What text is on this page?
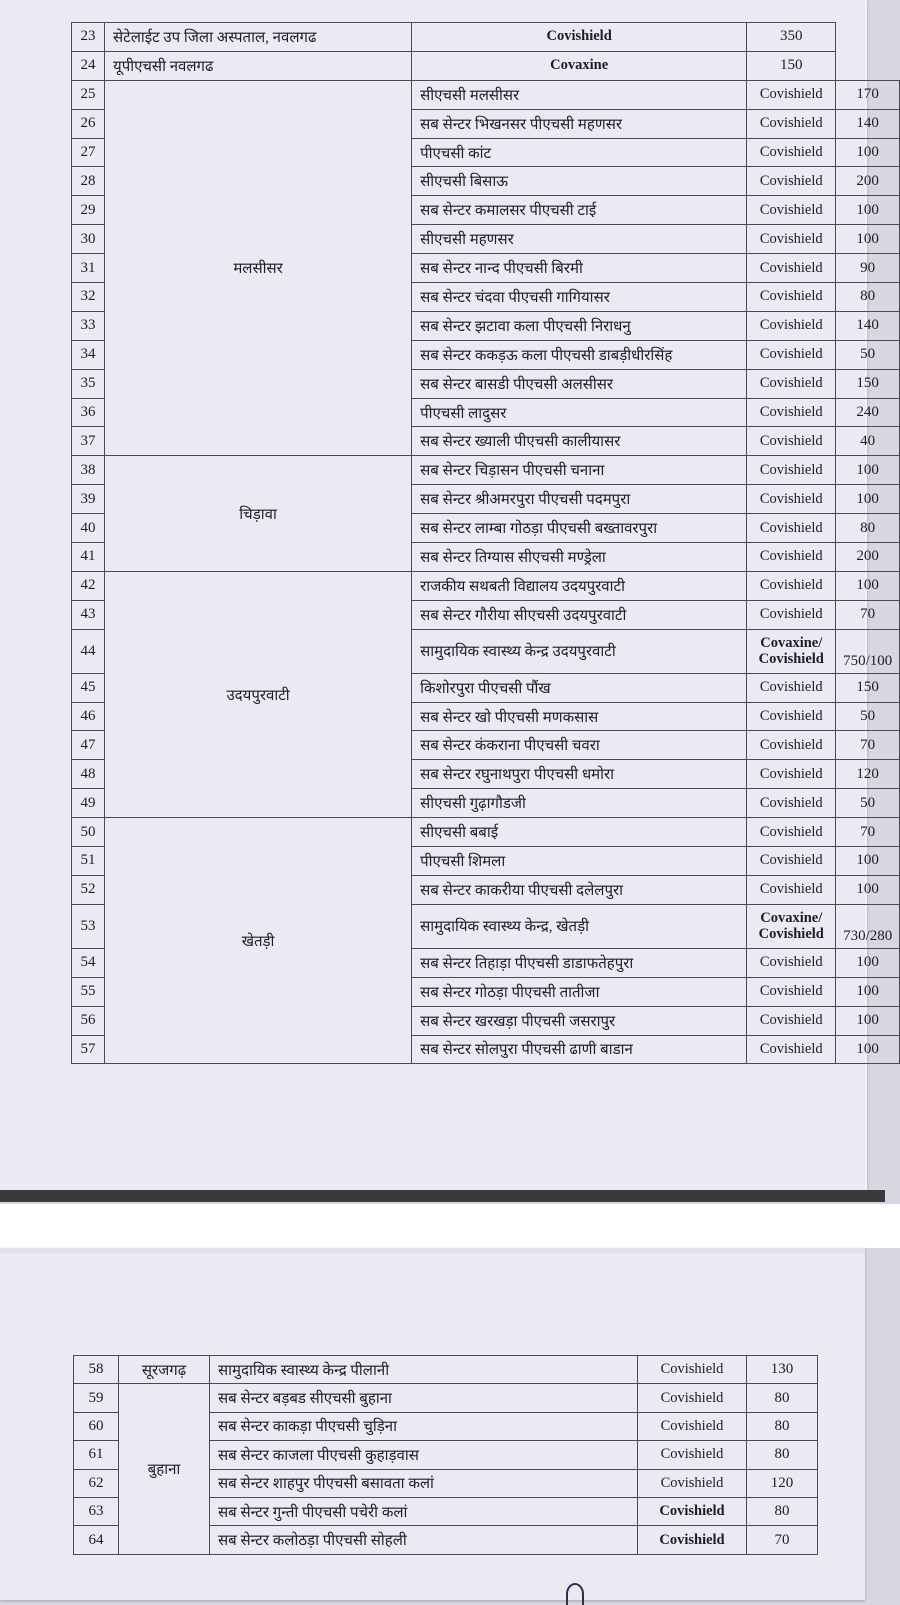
23	सेटेलाईट उप जिला अस्पताल, नवलगढ	Covishield	350	
24	यूपीएचसी नवलगढ	Covaxine	150	
25	मलसीसर	सीएचसी मलसीसर	Covishield	170
26		सब सेन्टर भिखनसर पीएचसी महणसर	Covishield	140
27		पीएचसी कांट	Covishield	100
28		सीएचसी बिसाऊ	Covishield	200
29		सब सेन्टर कमालसर पीएचसी टाई	Covishield	100
30		सीएचसी महणसर	Covishield	100
31		सब सेन्टर नान्द पीएचसी बिरमी	Covishield	90
32		सब सेन्टर चंदवा पीएचसी गागियासर	Covishield	80
33		सब सेन्टर झटावा कला पीएचसी निराधनु	Covishield	140
34		सब सेन्टर ककड़ऊ कला पीएचसी डाबड़ीधीरसिंह	Covishield	50
35		सब सेन्टर बासडी पीएचसी अलसीसर	Covishield	150
36		पीएचसी लादुसर	Covishield	240
37		सब सेन्टर ख्याली पीएचसी कालीयासर	Covishield	40
38	चिड़ावा	सब सेन्टर चिड़ासन पीएचसी चनाना	Covishield	100
39		सब सेन्टर श्रीअमरपुरा पीएचसी पदमपुरा	Covishield	100
40		सब सेन्टर लाम्बा गोठड़ा पीएचसी बख्तावरपुरा	Covishield	80
41		सब सेन्टर तिग्यास सीएचसी मण्ड्रेला	Covishield	200
42	उदयपुरवाटी	राजकीय सथबती विद्यालय उदयपुरवाटी	Covishield	100
43		सब सेन्टर गौरीया सीएचसी उदयपुरवाटी	Covishield	70
44		सामुदायिक स्वास्थ्य केन्द्र उदयपुरवाटी	Covaxine/
Covishield	750/100
45		किशोरपुरा पीएचसी पौंख	Covishield	150
46		सब सेन्टर खो पीएचसी मणकसास	Covishield	50
47		सब सेन्टर कंकराना पीएचसी चवरा	Covishield	70
48		सब सेन्टर रघुनाथपुरा पीएचसी धमोरा	Covishield	120
49		सीएचसी गुढ़ागौडजी	Covishield	50
50	खेतड़ी	सीएचसी बबाई	Covishield	70
51		पीएचसी शिमला	Covishield	100
52		सब सेन्टर काकरीया पीएचसी दलेलपुरा	Covishield	100
53		सामुदायिक स्वास्थ्य केन्द्र, खेतड़ी	Covaxine/
Covishield	730/280
54		सब सेन्टर तिहाड़ा पीएचसी डाडाफतेहपुरा	Covishield	100
55		सब सेन्टर गोठड़ा पीएचसी तातीजा	Covishield	100
56		सब सेन्टर खरखड़ा पीएचसी जसरापुर	Covishield	100
57		सब सेन्टर सोलपुरा पीएचसी ढाणी बाडान	Covishield	100
58	सूरजगढ़	सामुदायिक स्वास्थ्य केन्द्र पीलानी	Covishield	130
59	बुहाना	सब सेन्टर बड़बड सीएचसी बुहाना	Covishield	80
60		सब सेन्टर काकड़ा पीएचसी चुड़िना	Covishield	80
61		सब सेन्टर काजला पीएचसी कुहाड़वास	Covishield	80
62		सब सेन्टर शाहपुर पीएचसी बसावता कलां	Covishield	120
63		सब सेन्टर गुन्ती पीएचसी पचेरी कलां	Covishield	80
64		सब सेन्टर कलोठड़ा पीएचसी सोहली	Covishield	70
